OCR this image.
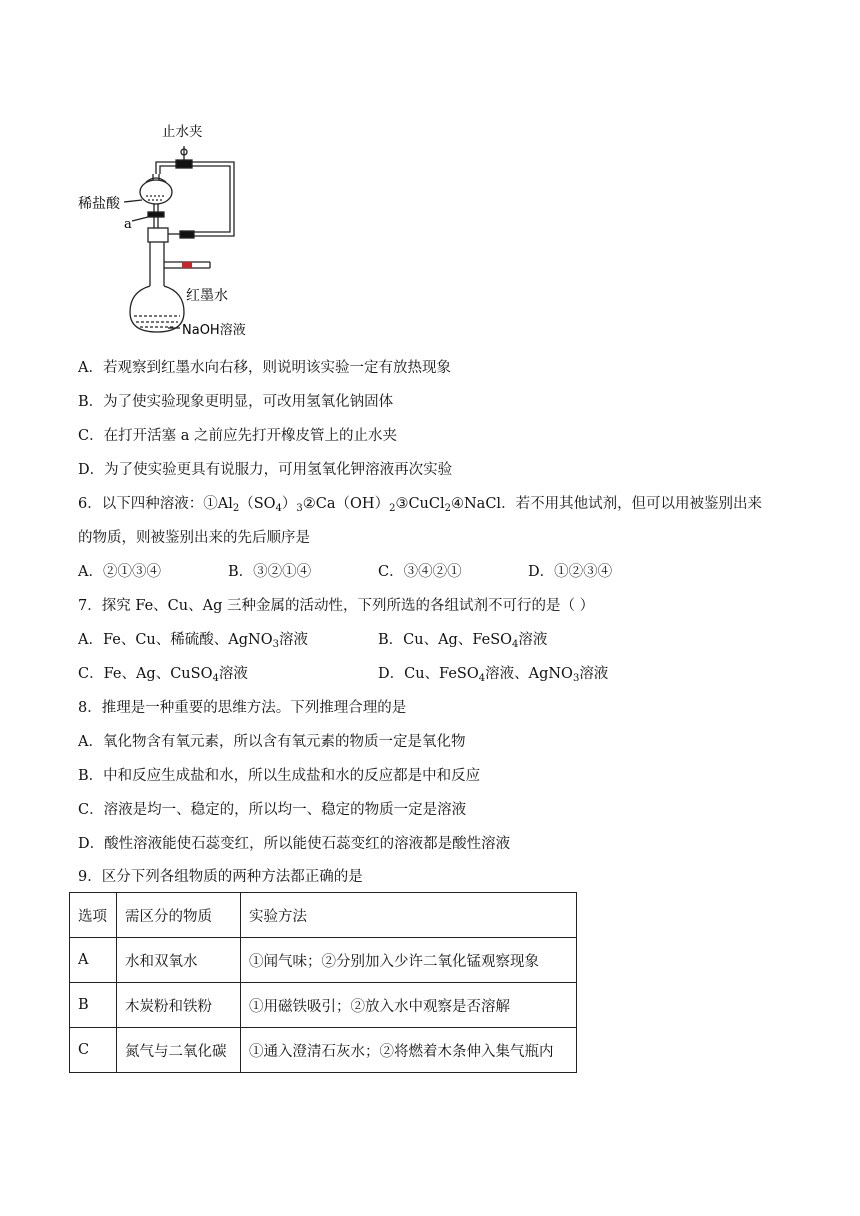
止水夹
稀盐酸
a
红墨水
NaOH溶液
A．若观察到红墨水向右移，则说明该实验一定有放热现象
B．为了使实验现象更明显，可改用氢氧化钠固体
C．在打开活塞 a 之前应先打开橡皮管上的止水夹
D．为了使实验更具有说服力，可用氢氧化钾溶液再次实验
6．以下四种溶液：$①Al_2(SO_4)_3②Ca(OH)_2③CuCl_2④NaCl$．若不用其他试剂，但可以用被鉴别出来
的物质，则被鉴别出来的先后顺序是
A．②①③④	B．③②①④	C．③④②①	D．①②③④
7．探究 Fe、Cu、Ag 三种金属的活动性，下列所选的各组试剂不可行的是（ ）
A．Fe、Cu、稀硫酸、AgNO$_3$溶液	B．Cu、Ag、FeSO$_4$溶液
C．Fe、Ag、CuSO$_4$溶液	D．Cu、FeSO$_4$溶液、AgNO$_3$溶液
8．推理是一种重要的思维方法。下列推理合理的是
A．氧化物含有氧元素，所以含有氧元素的物质一定是氧化物
B．中和反应生成盐和水，所以生成盐和水的反应都是中和反应
C．溶液是均一、稳定的，所以均一、稳定的物质一定是溶液
D．酸性溶液能使石蕊变红，所以能使石蕊变红的溶液都是酸性溶液
9．区分下列各组物质的两种方法都正确的是
选项	需区分的物质	实验方法
A	水和双氧水	①闻气味；②分别加入少许二氧化锰观察现象
B	木炭粉和铁粉	①用磁铁吸引；②放入水中观察是否溶解
C	氮气与二氧化碳	①通入澄清石灰水；②将燃着木条伸入集气瓶内
